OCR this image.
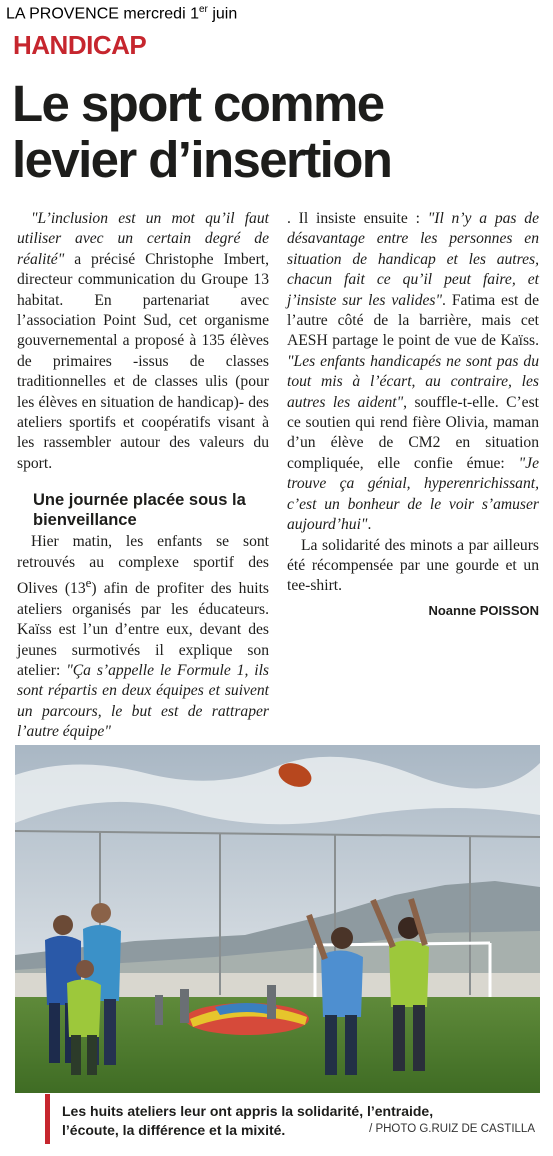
LA PROVENCE mercredi 1er juin
HANDICAP
Le sport comme
levier d’insertion

"L’inclusion est un mot qu’il faut utiliser avec un certain degré de réalité" a précisé Christophe Imbert, directeur communication du Groupe 13 habitat. En partenariat avec l’association Point Sud, cet organisme gouvernemental a proposé à 135 élèves de primaires -issus de classes traditionnelles et de classes ulis (pour les élèves en situation de handicap)- des ateliers sportifs et coopératifs visant à les rassembler autour des valeurs du sport.

Une journée placée sous la bienveillance

Hier matin, les enfants se sont retrouvés au complexe sportif des Olives (13e) afin de profiter des huits ateliers organisés par les éducateurs. Kaïss est l’un d’entre eux, devant des jeunes surmotivés il explique son atelier: "Ça s’appelle le Formule 1, ils sont répartis en deux équipes et suivent un parcours, le but est de rattraper l’autre équipe"

. Il insiste ensuite : "Il n’y a pas de désavantage entre les personnes en situation de handicap et les autres, chacun fait ce qu’il peut faire, et j’insiste sur les valides". Fatima est de l’autre côté de la barrière, mais cet AESH partage le point de vue de Kaïss. "Les enfants handicapés ne sont pas du tout mis à l’écart, au contraire, les autres les aident", souffle-t-elle. C’est ce soutien qui rend fière Olivia, maman d’un élève de CM2 en situation compliquée, elle confie émue: "Je trouve ça génial, hyperenrichissant, c’est un bonheur de le voir s’amuser aujourd’hui".

La solidarité des minots a par ailleurs été récompensée par une gourde et un tee-shirt.

Noanne POISSON
Les huits ateliers leur ont appris la solidarité, l’entraide, l’écoute, la différence et la mixité.	/ PHOTO G.RUIZ DE CASTILLA
